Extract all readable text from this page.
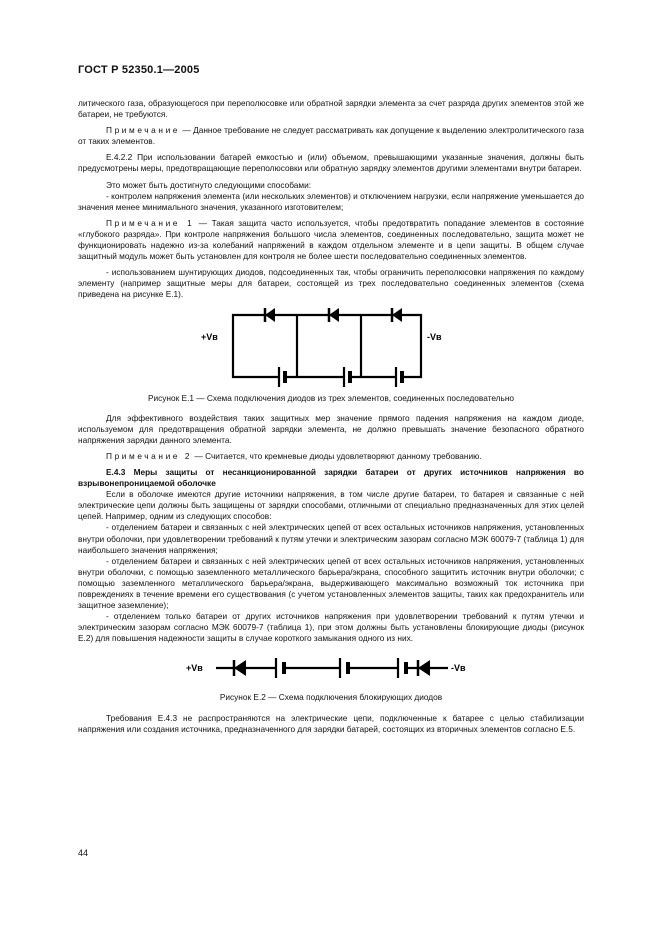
ГОСТ Р 52350.1—2005

литического газа, образующегося при переполюсовке или обратной зарядки элемента за счет разряда других элементов этой же батареи, не требуются.

Примечание — Данное требование не следует рассматривать как допущение к выделению электролитического газа от таких элементов.

Е.4.2.2 При использовании батарей емкостью и (или) объемом, превышающими указанные значения, должны быть предусмотрены меры, предотвращающие переполюсовки или обратную зарядку элементов другими элементами внутри батареи.

Это может быть достигнуто следующими способами:

- контролем напряжения элемента (или нескольких элементов) и отключением нагрузки, если напряжение уменьшается до значения менее минимального значения, указанного изготовителем;

Примечание 1 — Такая защита часто используется, чтобы предотвратить попадание элементов в состояние «глубокого разряда». При контроле напряжения большого числа элементов, соединенных последовательно, защита может не функционировать надежно из-за колебаний напряжений в каждом отдельном элементе и в цепи защиты. В общем случае защитный модуль может быть установлен для контроля не более шести последовательно соединенных элементов.

- использованием шунтирующих диодов, подсоединенных так, чтобы ограничить переполюсовки напряжения по каждому элементу (например защитные меры для батареи, состоящей из трех последовательно соединенных элементов (схема приведена на рисунке Е.1).

+Vв	-Vв

Рисунок Е.1 — Схема подключения диодов из трех элементов, соединенных последовательно

Для эффективного воздействия таких защитных мер значение прямого падения напряжения на каждом диоде, используемом для предотвращения обратной зарядки элемента, не должно превышать значение безопасного обратного напряжения зарядки данного элемента.

Примечание 2 — Считается, что кремневые диоды удовлетворяют данному требованию.

Е.4.3 Меры защиты от несанкционированной зарядки батареи от других источников напряжения во взрывонепроницаемой оболочке

Если в оболочке имеются другие источники напряжения, в том числе другие батареи, то батарея и связанные с ней электрические цепи должны быть защищены от зарядки способами, отличными от специально предназначенных для этих целей цепей. Например, одним из следующих способов:

- отделением батареи и связанных с ней электрических цепей от всех остальных источников напряжения, установленных внутри оболочки, при удовлетворении требований к путям утечки и электрическим зазорам согласно МЭК 60079-7 (таблица 1) для наибольшего значения напряжения;

- отделением батареи и связанных с ней электрических цепей от всех остальных источников напряжения, установленных внутри оболочки, с помощью заземленного металлического барьера/экрана, способного защитить источник внутри оболочки; с помощью заземленного металлического барьера/экрана, выдерживающего максимально возможный ток источника при повреждениях в течение времени его существования (с учетом установленных элементов защиты, таких как предохранитель или защитное заземление);

- отделением только батареи от других источников напряжения при удовлетворении требований к путям утечки и электрическим зазорам согласно МЭК 60079-7 (таблица 1), при этом должны быть установлены блокирующие диоды (рисунок Е.2) для повышения надежности защиты в случае короткого замыкания одного из них.

+Vв	-Vв

Рисунок Е.2 — Схема подключения блокирующих диодов

Требования Е.4.3 не распространяются на электрические цепи, подключенные к батарее с целью стабилизации напряжения или создания источника, предназначенного для зарядки батарей, состоящих из вторичных элементов согласно Е.5.

44
